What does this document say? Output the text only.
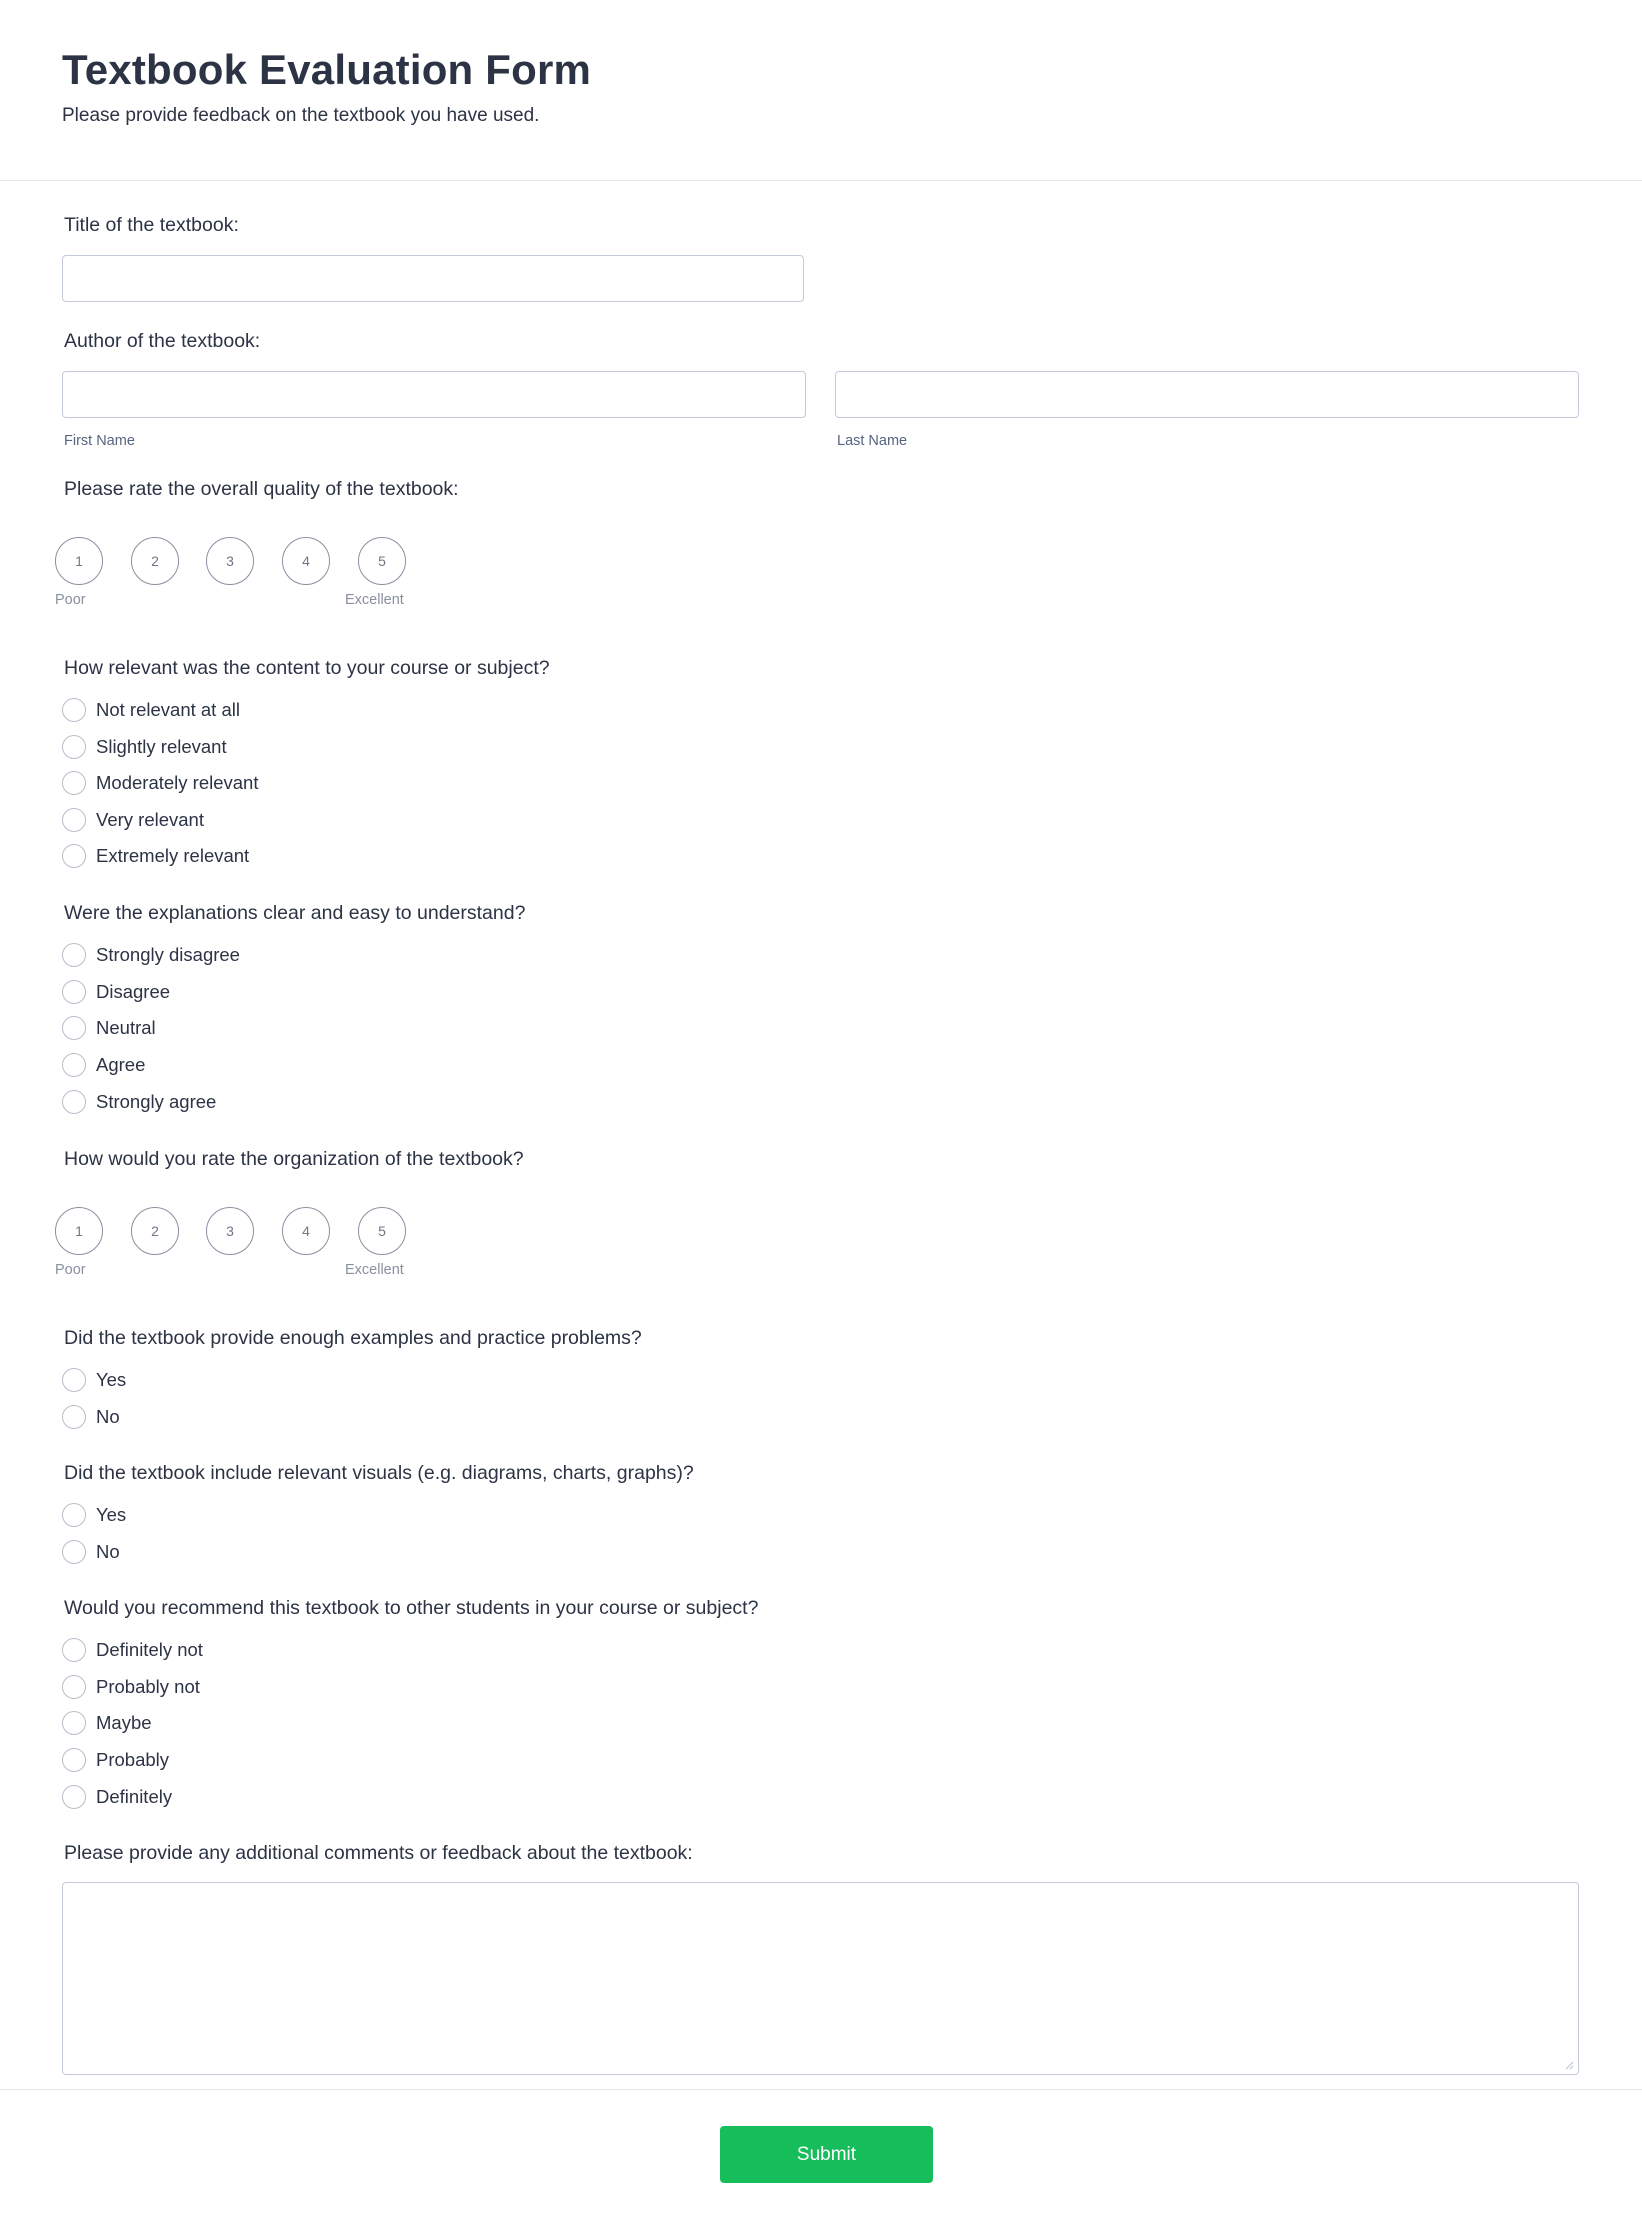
Textbook Evaluation Form

Please provide feedback on the textbook you have used.

Title of the textbook:
Author of the textbook:
First Name	Last Name
Please rate the overall quality of the textbook:
1	2	3	4	5
Poor	Excellent
How relevant was the content to your course or subject?
Not relevant at all
Slightly relevant
Moderately relevant
Very relevant
Extremely relevant
Were the explanations clear and easy to understand?
Strongly disagree
Disagree
Neutral
Agree
Strongly agree
How would you rate the organization of the textbook?
1	2	3	4	5
Poor	Excellent
Did the textbook provide enough examples and practice problems?
Yes
No
Did the textbook include relevant visuals (e.g. diagrams, charts, graphs)?
Yes
No
Would you recommend this textbook to other students in your course or subject?
Definitely not
Probably not
Maybe
Probably
Definitely
Please provide any additional comments or feedback about the textbook:
Submit
